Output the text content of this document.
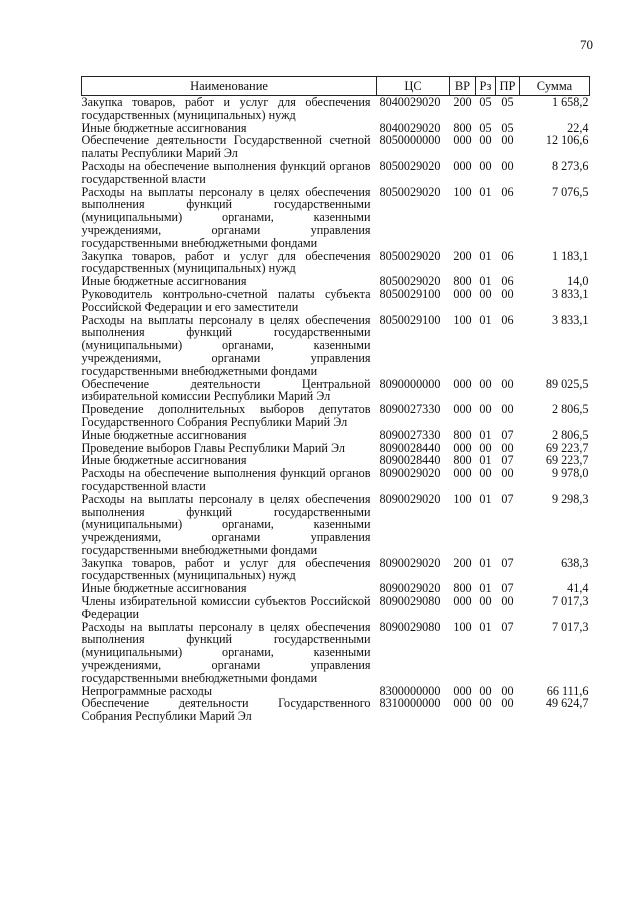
70
Наименование	ЦС	ВР	Рз	ПР	Сумма
Закупка товаров, работ и услуг для обеспечения государственных (муниципальных) нужд	8040029020	200	05	05	1 658,2
Иные бюджетные ассигнования	8040029020	800	05	05	22,4
Обеспечение деятельности Государственной счетной палаты Республики Марий Эл	8050000000	000	00	00	12 106,6
Расходы на обеспечение выполнения функций органов государственной власти	8050029020	000	00	00	8 273,6
Расходы на выплаты персоналу в целях обеспечения выполнения функций государственными (муниципальными) органами, казенными учреждениями, органами управления государственными внебюджетными фондами	8050029020	100	01	06	7 076,5
Закупка товаров, работ и услуг для обеспечения государственных (муниципальных) нужд	8050029020	200	01	06	1 183,1
Иные бюджетные ассигнования	8050029020	800	01	06	14,0
Руководитель контрольно-счетной палаты субъекта Российской Федерации и его заместители	8050029100	000	00	00	3 833,1
Расходы на выплаты персоналу в целях обеспечения выполнения функций государственными (муниципальными) органами, казенными учреждениями, органами управления государственными внебюджетными фондами	8050029100	100	01	06	3 833,1
Обеспечение деятельности Центральной избирательной комиссии Республики Марий Эл	8090000000	000	00	00	89 025,5
Проведение дополнительных выборов депутатов Государственного Собрания Республики Марий Эл	8090027330	000	00	00	2 806,5
Иные бюджетные ассигнования	8090027330	800	01	07	2 806,5
Проведение выборов Главы Республики Марий Эл	8090028440	000	00	00	69 223,7
Иные бюджетные ассигнования	8090028440	800	01	07	69 223,7
Расходы на обеспечение выполнения функций органов государственной власти	8090029020	000	00	00	9 978,0
Расходы на выплаты персоналу в целях обеспечения выполнения функций государственными (муниципальными) органами, казенными учреждениями, органами управления государственными внебюджетными фондами	8090029020	100	01	07	9 298,3
Закупка товаров, работ и услуг для обеспечения государственных (муниципальных) нужд	8090029020	200	01	07	638,3
Иные бюджетные ассигнования	8090029020	800	01	07	41,4
Члены избирательной комиссии субъектов Российской Федерации	8090029080	000	00	00	7 017,3
Расходы на выплаты персоналу в целях обеспечения выполнения функций государственными (муниципальными) органами, казенными учреждениями, органами управления государственными внебюджетными фондами	8090029080	100	01	07	7 017,3
Непрограммные расходы	8300000000	000	00	00	66 111,6
Обеспечение деятельности Государственного Собрания Республики Марий Эл	8310000000	000	00	00	49 624,7
